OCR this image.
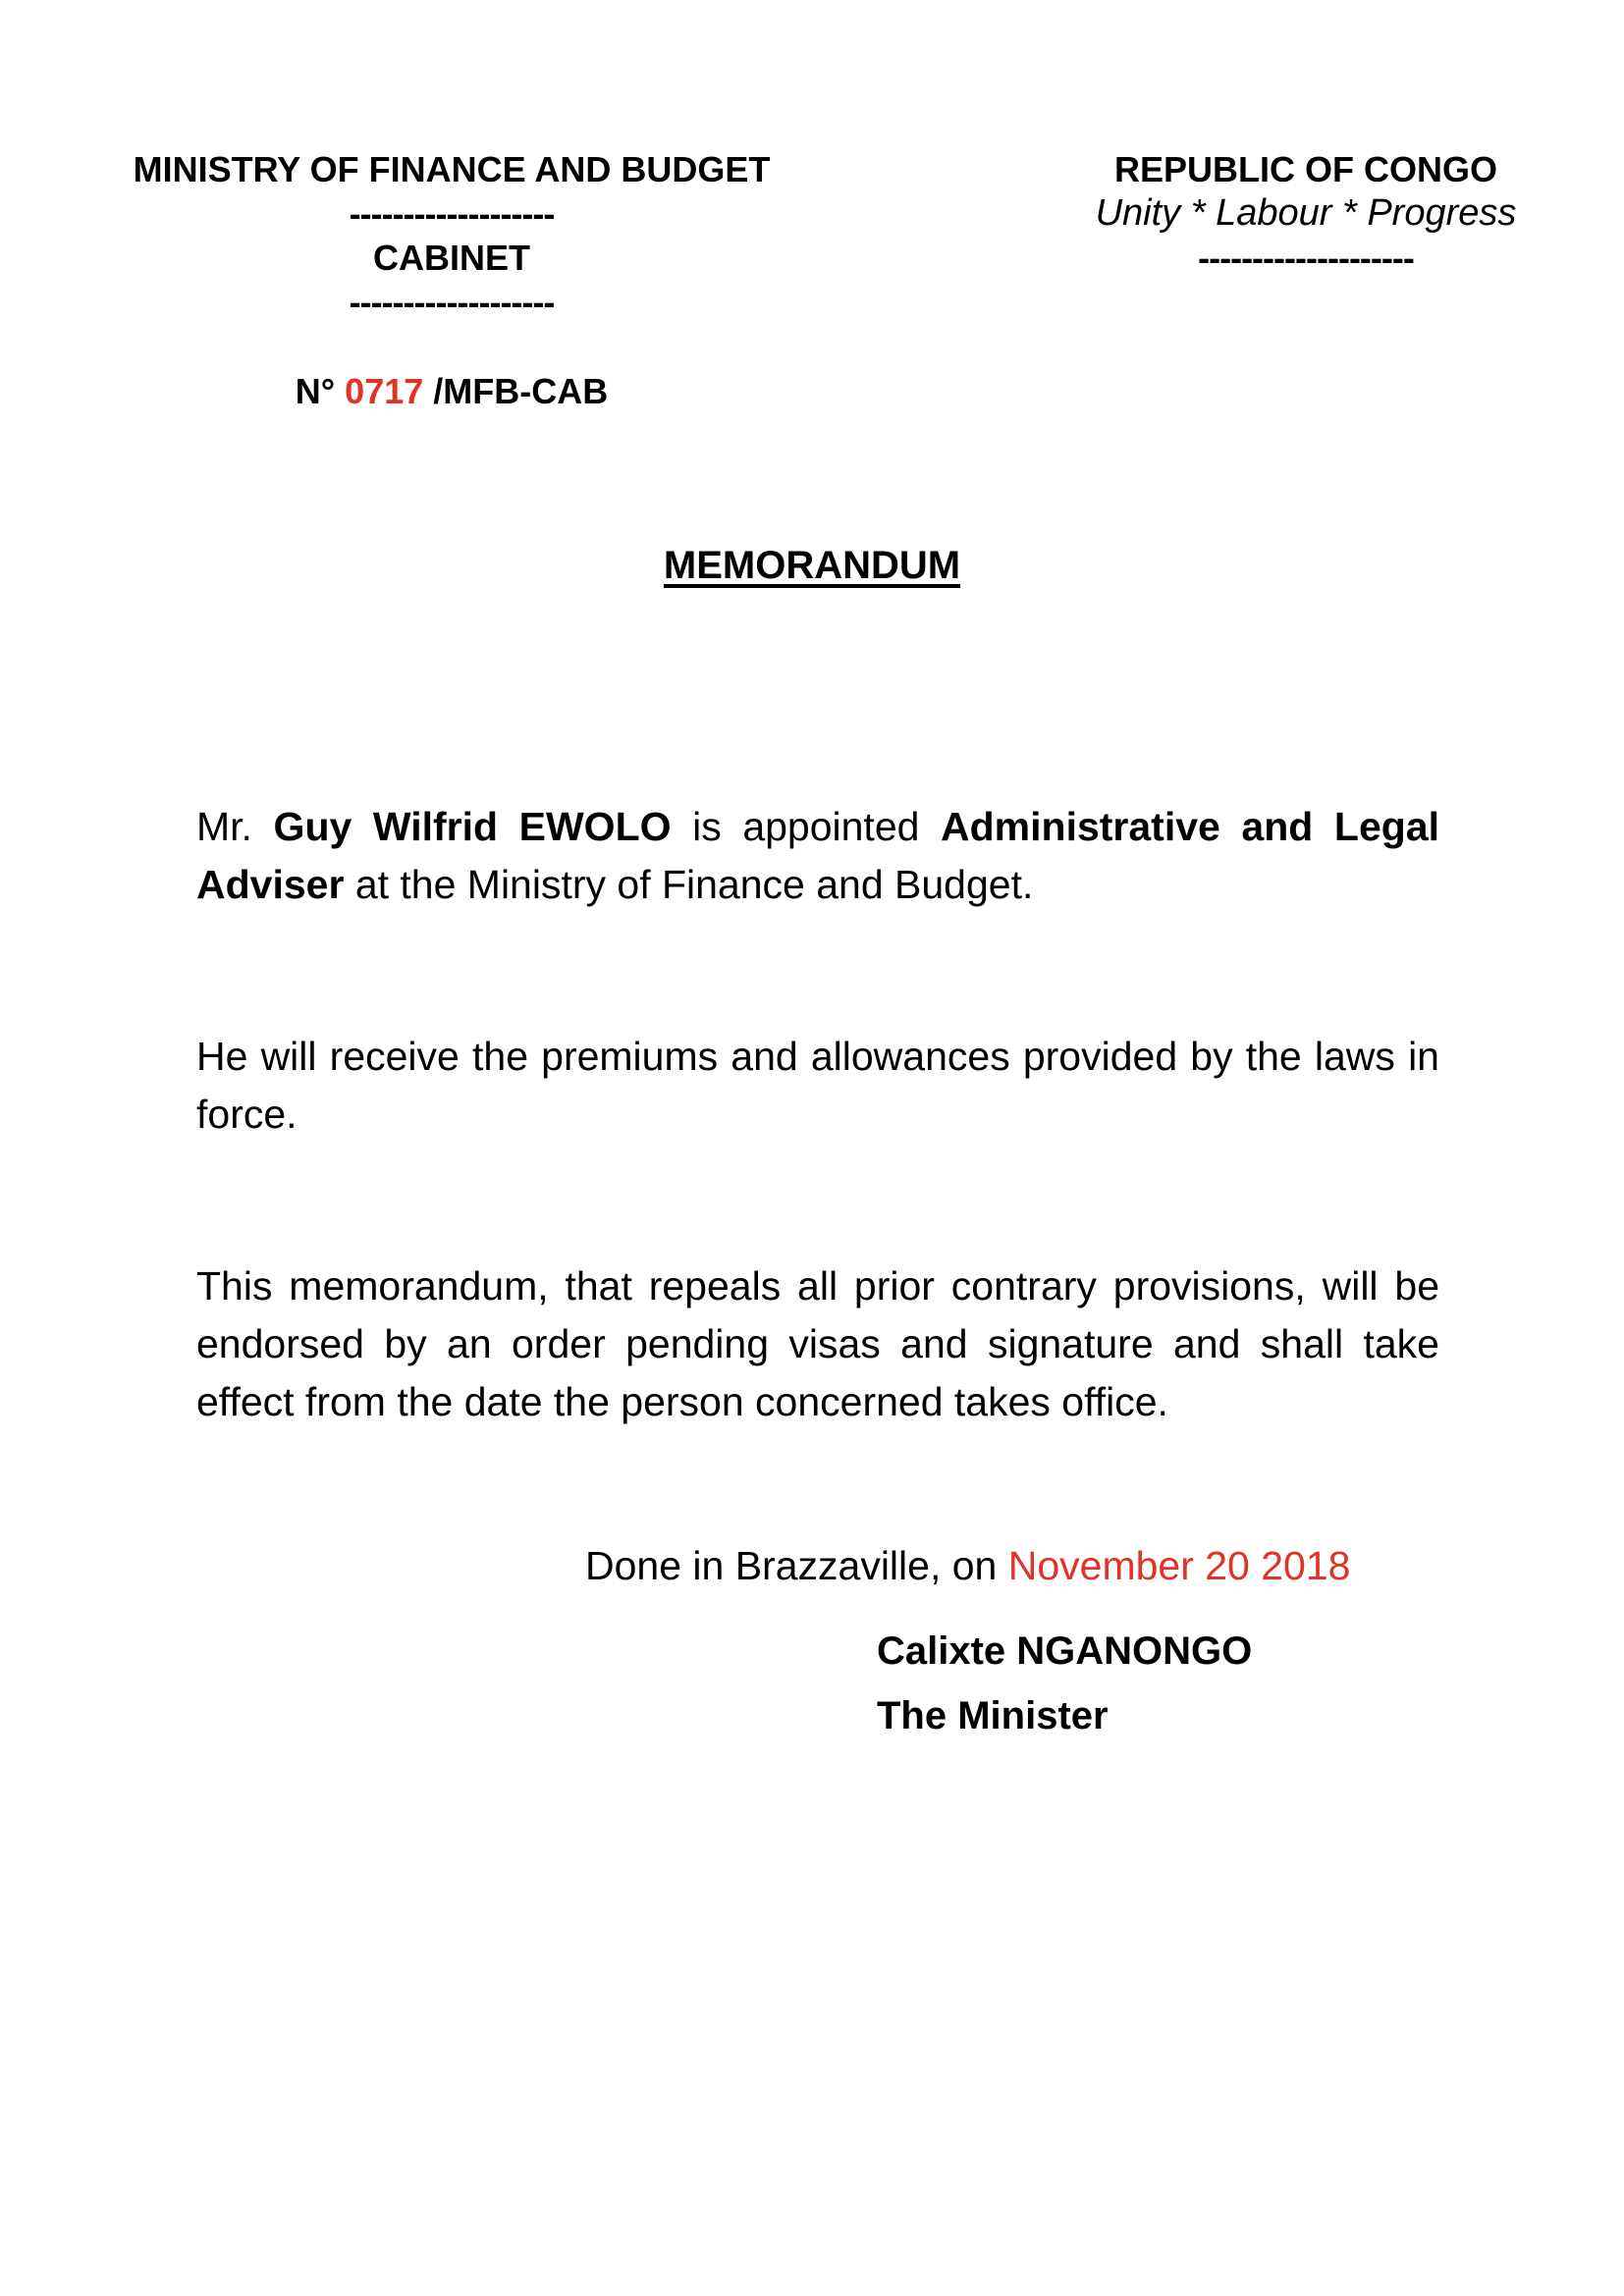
MINISTRY OF FINANCE AND BUDGET
-------------------
CABINET
-------------------
REPUBLIC OF CONGO
Unity * Labour * Progress
--------------------
N° 0717 /MFB-CAB
MEMORANDUM
Mr. Guy Wilfrid EWOLO is appointed Administrative and Legal Adviser at the Ministry of Finance and Budget.
He will receive the premiums and allowances provided by the laws in force.
This memorandum, that repeals all prior contrary provisions, will be endorsed by an order pending visas and signature and shall take effect from the date the person concerned takes office.
Done in Brazzaville, on November 20 2018
Calixte NGANONGO
The Minister
